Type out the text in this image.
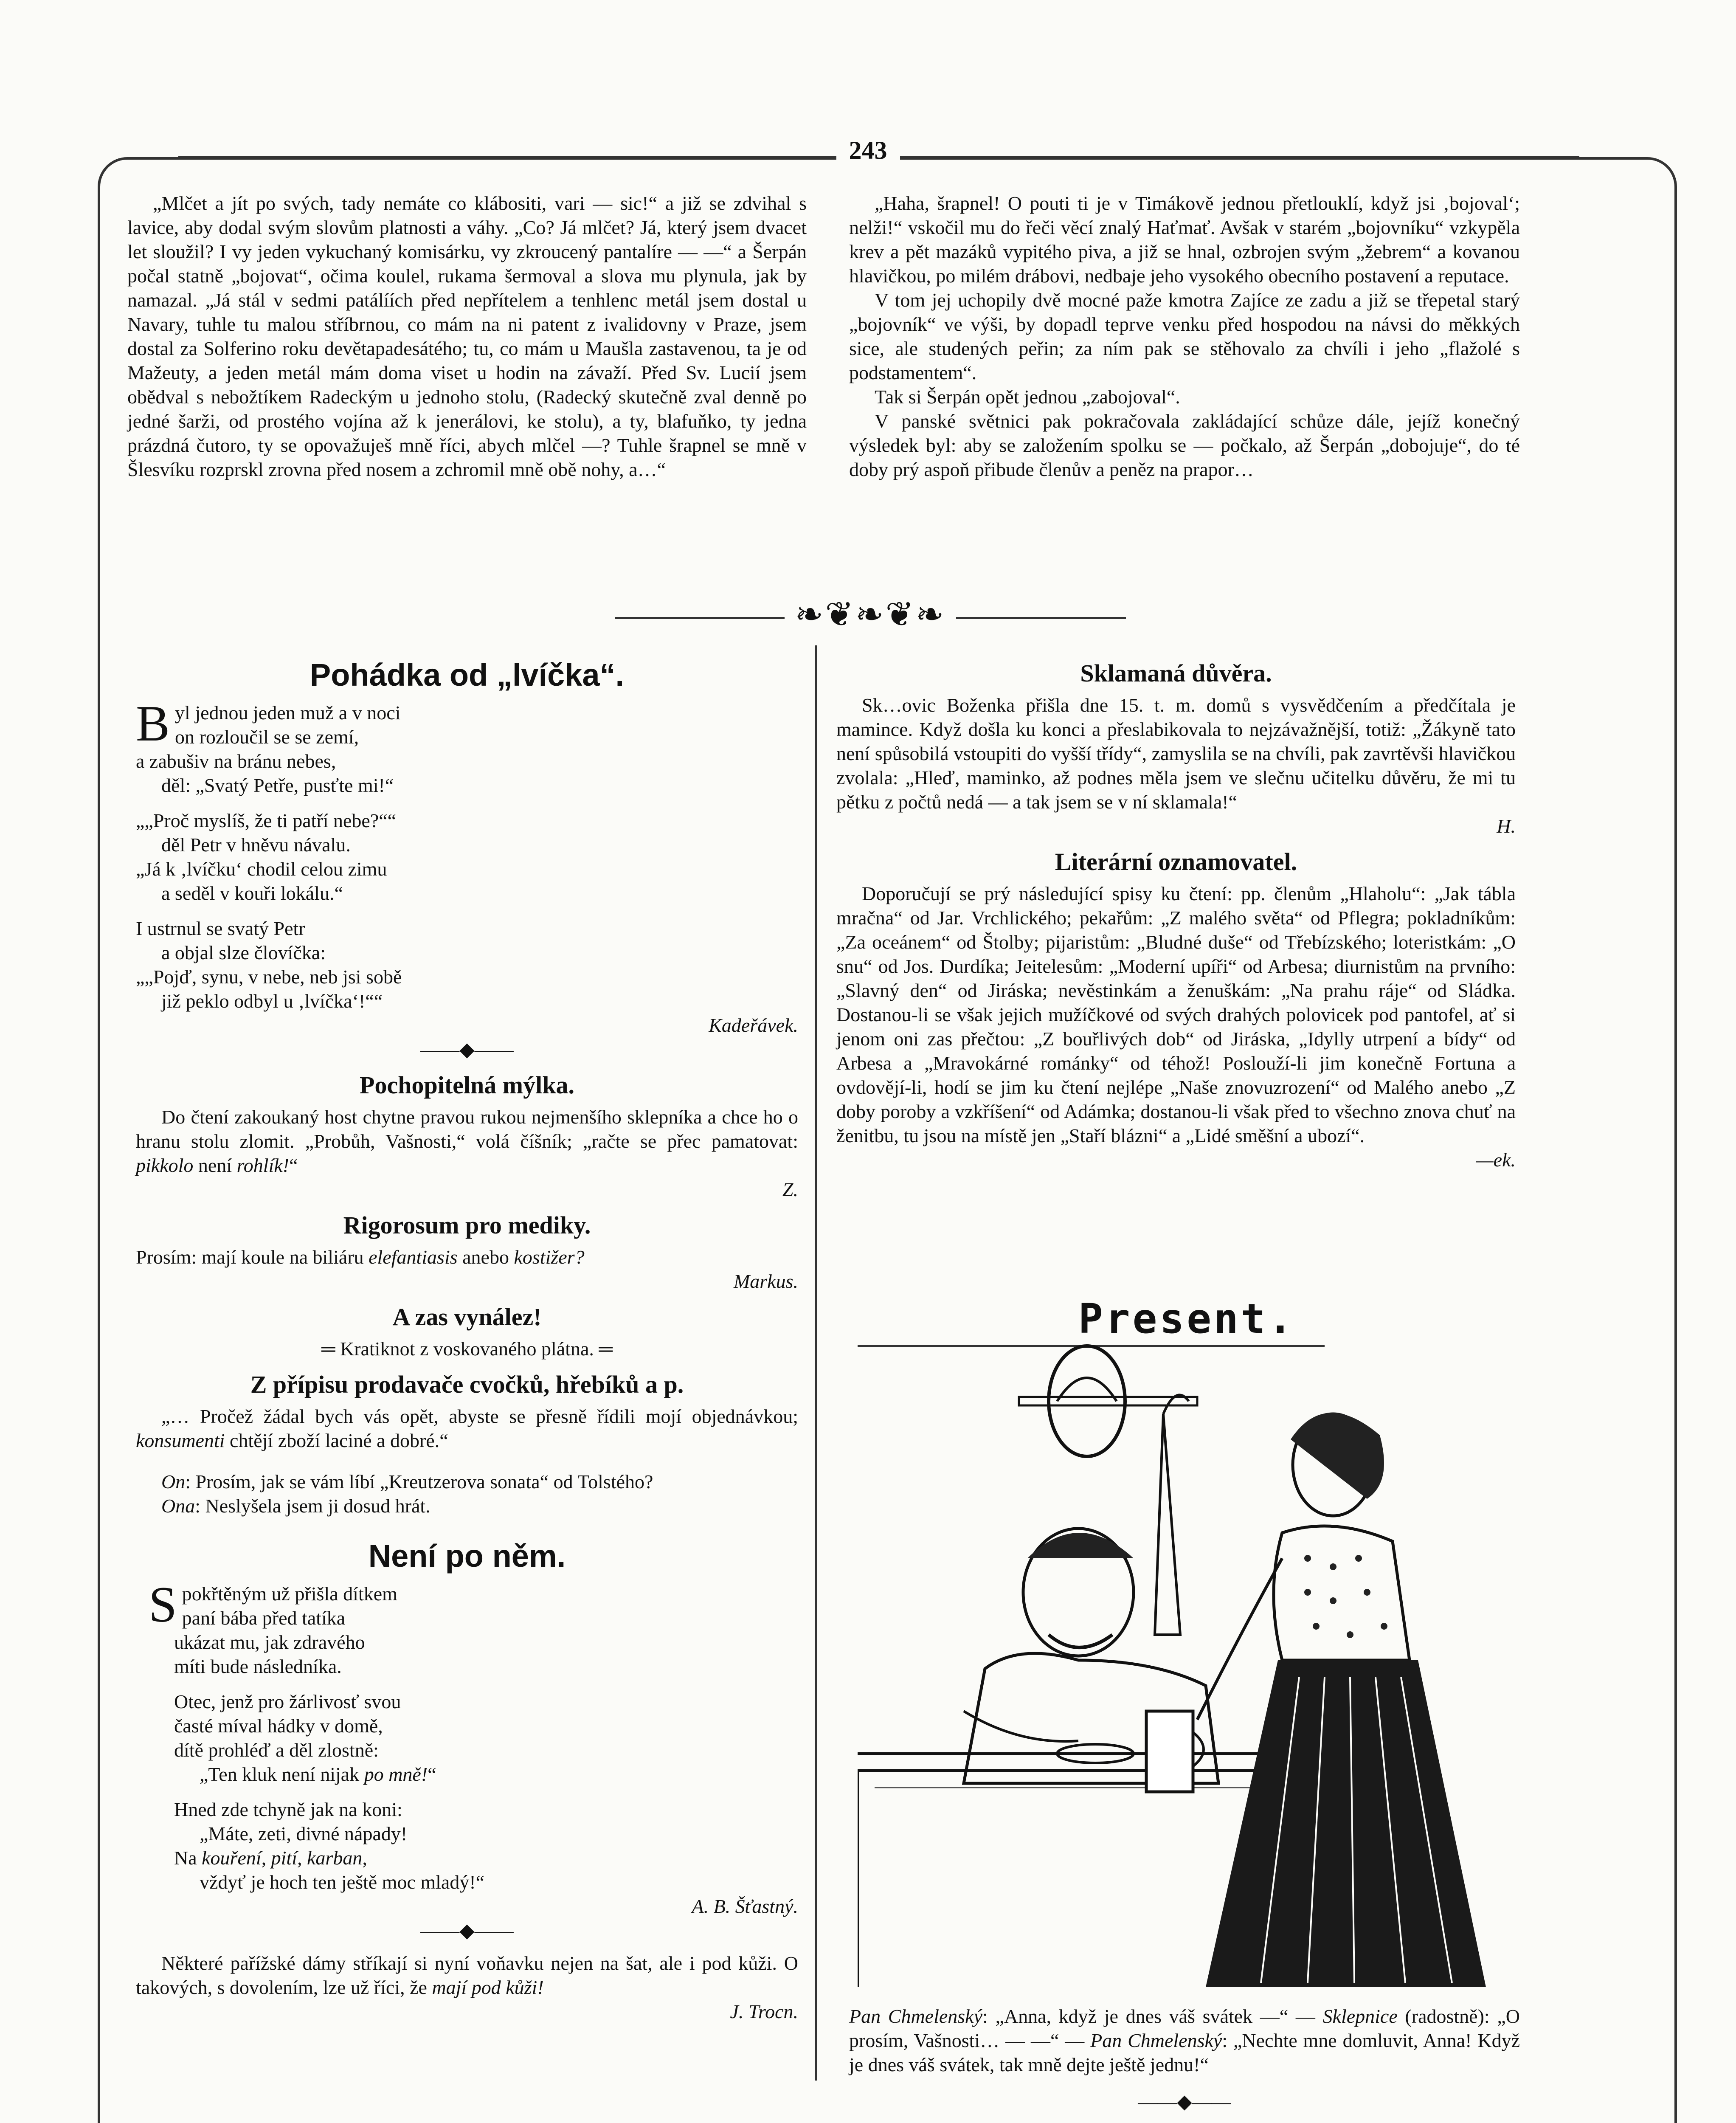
243

„Mlčet a jít po svých, tady nemáte co klábositi, vari — sic!“ a již se zdvihal s lavice, aby dodal svým slovům platnosti a váhy. „Co? Já mlčet? Já, který jsem dvacet let sloužil? I vy jeden vykuchaný komisárku, vy zkroucený pantalíre — —“ a Šerpán počal statně „bojovat“, očima koulel, rukama šermoval a slova mu plynula, jak by namazal. „Já stál v sedmi patálíích před nepřítelem a tenhlenc metál jsem dostal u Navary, tuhle tu malou stříbrnou, co mám na ni patent z ivalidovny v Praze, jsem dostal za Solferino roku devětapadesátého; tu, co mám u Maušla zastavenou, ta je od Mažeuty, a jeden metál mám doma viset u hodin na závaží. Před Sv. Lucií jsem obědval s nebožtíkem Radeckým u jednoho stolu, (Radecký skutečně zval denně po jedné šarži, od prostého vojína až k jenerálovi, ke stolu), a ty, blafuňko, ty jedna prázdná čutoro, ty se opovažuješ mně říci, abych mlčel —? Tuhle šrapnel se mně v Šlesvíku rozprskl zrovna před nosem a zchromil mně obě nohy, a…“

„Haha, šrapnel! O pouti ti je v Timákově jednou přetlouklí, když jsi ‚bojoval‘; nelži!“ vskočil mu do řeči věcí znalý Haťmať. Avšak v starém „bojovníku“ vzkypěla krev a pět mazáků vypitého piva, a již se hnal, ozbrojen svým „žebrem“ a kovanou hlavičkou, po milém drábovi, nedbaje jeho vysokého obecního postavení a reputace.

V tom jej uchopily dvě mocné paže kmotra Zajíce ze zadu a již se třepetal starý „bojovník“ ve výši, by dopadl teprve venku před hospodou na návsi do měkkých sice, ale studených peřin; za ním pak se stěhovalo za chvíli i jeho „flažolé s podstamentem“.

Tak si Šerpán opět jednou „zabojoval“.

V panské světnici pak pokračovala zakládající schůze dále, jejíž konečný výsledek byl: aby se založením spolku se — počkalo, až Šerpán „dobojuje“, do té doby prý aspoň přibude členův a peněz na prapor…

❧❦❧❦❧
Pohádka od „lvíčka“.
B yl jednou jeden muž a v noci
on rozloučil se se zemí,
a zabušiv na bránu nebes,
děl: „Svatý Petře, pusťte mi!“
„„Proč myslíš, že ti patří nebe?““
děl Petr v hněvu návalu.
„Já k ‚lvíčku‘ chodil celou zimu
a seděl v kouři lokálu.“
I ustrnul se svatý Petr
a objal slze človíčka:
„„Pojď, synu, v nebe, neb jsi sobě
již peklo odbyl u ‚lvíčka‘!““
Kadeřávek.
——◆——
Pochopitelná mýlka.

Do čtení zakoukaný host chytne pravou rukou nejmenšího sklepníka a chce ho o hranu stolu zlomit. „Probůh, Vašnosti,“ volá číšník; „račte se přec pamatovat: pikkolo není rohlík!“

Z.
Rigorosum pro mediky.

Prosím: mají koule na biliáru elefantiasis anebo kostižer?

Markus.
A zas vynález!
═ Kratiknot z voskovaného plátna. ═
Z přípisu prodavače cvočků, hřebíků a p.

„… Pročež žádal bych vás opět, abyste se přesně řídili mojí objednávkou; konsumenti chtějí zboží laciné a dobré.“

On: Prosím, jak se vám líbí „Kreutzerova sonata“ od Tolstého?

Ona: Neslyšela jsem ji dosud hrát.

Není po něm.
S pokřtěným už přišla dítkem
paní bába před tatíka
ukázat mu, jak zdravého
míti bude následníka.
Otec, jenž pro žárlivosť svou
časté míval hádky v domě,
dítě prohléď a děl zlostně:
„Ten kluk není nijak po mně!“
Hned zde tchyně jak na koni:
„Máte, zeti, divné nápady!
Na kouření, pití, karban,
vždyť je hoch ten ještě moc mladý!“
A. B. Šťastný.
——◆——

Některé pařížské dámy stříkají si nyní voňavku nejen na šat, ale i pod kůži. O takových, s dovolením, lze už říci, že mají pod kůži!

J. Trocn.
Sklamaná důvěra.

Sk…ovic Boženka přišla dne 15. t. m. domů s vysvědčením a předčítala je mamince. Když došla ku konci a přeslabikovala to nejzávažnější, totiž: „Žákyně tato není spůsobilá vstoupiti do vyšší třídy“, zamyslila se na chvíli, pak zavrtěvši hlavičkou zvolala: „Hleď, maminko, až podnes měla jsem ve slečnu učitelku důvěru, že mi tu pětku z počtů nedá — a tak jsem se v ní sklamala!“

H.
Literární oznamovatel.

Doporučují se prý následující spisy ku čtení: pp. členům „Hlaholu“: „Jak tábla mračna“ od Jar. Vrchlického; pekařům: „Z malého světa“ od Pflegra; pokladníkům: „Za oceánem“ od Štolby; pijaristům: „Bludné duše“ od Třebízského; loteristkám: „O snu“ od Jos. Durdíka; Jeitelesům: „Moderní upíři“ od Arbesa; diurnistům na prvního: „Slavný den“ od Jiráska; nevěstinkám a ženuškám: „Na prahu ráje“ od Sládka. Dostanou-li se však jejich mužíčkové od svých drahých polovicek pod pantofel, ať si jenom oni zas přečtou: „Z bouřlivých dob“ od Jiráska, „Idylly utrpení a bídy“ od Arbesa a „Mravokárné románky“ od téhož! Poslouží-li jim konečně Fortuna a ovdovějí-li, hodí se jim ku čtení nejlépe „Naše znovuzrození“ od Malého anebo „Z doby poroby a vzkříšení“ od Adámka; dostanou-li však před to všechno znova chuť na ženitbu, tu jsou na místě jen „Staří blázni“ a „Lidé směšní a ubozí“.

—ek.
Present.
Pan Chmelenský: „Anna, když je dnes váš svátek —“ — Sklepnice (radostně): „O prosím, Vašnosti… — —“ — Pan Chmelenský: „Nechte mne domluvit, Anna! Když je dnes váš svátek, tak mně dejte ještě jednu!“
——◆——
